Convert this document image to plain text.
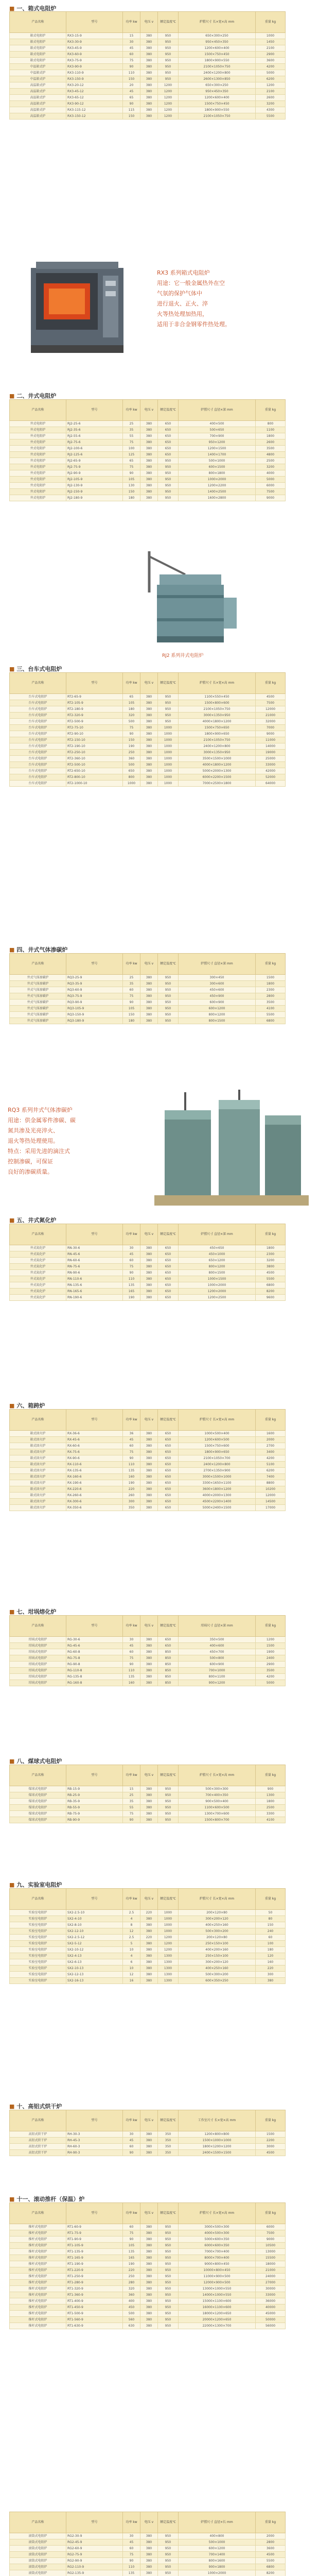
■ 一、箱式电阻炉
产品名称	型号	功率 kw	电压 v	额定温度℃	炉膛尺寸 长×宽×高 mm	重量 kg
箱式电阻炉	RX3-15-9	15	380	950	650×300×250	1000
箱式电阻炉	RX3-30-9	30	380	950	950×450×350	1450
箱式电阻炉	RX3-45-9	45	380	950	1200×600×400	2100
箱式电阻炉	RX3-60-9	60	380	950	1500×750×450	2900
箱式电阻炉	RX3-75-9	75	380	950	1800×900×550	3600
中温箱式炉	RX3-90-9	90	380	950	2100×1050×750	4200
中温箱式炉	RX3-110-9	110	380	950	2400×1200×800	5000
中温箱式炉	RX3-150-9	150	380	950	2600×1300×850	6200
高温箱式炉	RX3-20-12	20	380	1200	650×300×250	1200
高温箱式炉	RX3-45-12	45	380	1200	950×450×350	2100
高温箱式炉	RX3-65-12	65	380	1200	1200×600×400	2600
高温箱式炉	RX3-90-12	90	380	1200	1500×750×450	3200
高温箱式炉	RX3-115-12	115	380	1200	1800×900×550	4300
高温箱式炉	RX3-150-12	150	380	1200	2100×1050×750	5500
RX3 系列箱式电阻炉
用途：它一般金属热外在空
气氛的保护气体中
进行退火、正火、淬
火等热处理加热用，
适用于非合金钢零件热处理。
■ 二、井式电阻炉
产品名称	型号	功率 kw	电压 v	额定温度℃	炉膛尺寸 直径×深 mm	重量 kg
井式电阻炉	RJ2-25-6	25	380	650	400×500	800
井式电阻炉	RJ2-35-6	35	380	650	500×650	1100
井式电阻炉	RJ2-55-6	55	380	650	700×900	1800
井式电阻炉	RJ2-75-6	75	380	650	950×1200	2600
井式电阻炉	RJ2-100-6	100	380	650	1200×1500	3500
井式电阻炉	RJ2-125-6	125	380	650	1400×1700	4800
井式电阻炉	RJ2-65-9	65	380	950	500×1000	2500
井式电阻炉	RJ2-75-9	75	380	950	600×1500	3200
井式电阻炉	RJ2-90-9	90	380	950	800×1800	4000
井式电阻炉	RJ2-105-9	105	380	950	1000×2000	5000
井式电阻炉	RJ2-130-9	130	380	950	1200×2200	6000
井式电阻炉	RJ2-150-9	150	380	950	1400×2500	7500
井式电阻炉	RJ2-180-9	180	380	950	1600×2800	9000
RJ2 系列井式电阻炉
■ 三、台车式电阻炉
产品名称	型号	功率 kw	电压 v	额定温度℃	炉膛尺寸 长×宽×高 mm	重量 kg
台车式电阻炉	RT2-65-9	65	380	950	1100×550×450	4500
台车式电阻炉	RT2-105-9	105	380	950	1500×800×600	7500
台车式电阻炉	RT2-180-9	180	380	950	2100×1050×750	12000
台车式电阻炉	RT2-320-9	320	380	950	3000×1350×950	21000
台车式电阻炉	RT2-500-9	500	380	950	4000×1800×1200	32000
台车式电阻炉	RT2-75-10	75	380	1000	1500×750×650	7000
台车式电阻炉	RT2-90-10	90	380	1000	1800×900×650	9000
台车式电阻炉	RT2-150-10	150	380	1000	2100×1050×750	11000
台车式电阻炉	RT2-190-10	190	380	1000	2400×1200×800	14000
台车式电阻炉	RT2-250-10	250	380	1000	3000×1350×950	19000
台车式电阻炉	RT2-360-10	360	380	1000	3500×1500×1000	25000
台车式电阻炉	RT2-500-10	500	380	1000	4000×1800×1200	33000
台车式电阻炉	RT2-650-10	650	380	1000	5000×2000×1300	42000
台车式电阻炉	RT2-800-10	800	380	1000	6000×2200×1500	52000
台车式电阻炉	RT2-1000-10	1000	380	1000	7000×2500×1800	64000
■ 四、井式气体渗碳炉
产品名称	型号	功率 kw	电压 v	额定温度℃	炉膛尺寸 直径×深 mm	重量 kg
井式气体渗碳炉	RQ3-25-9	25	380	950	300×450	1500
井式气体渗碳炉	RQ3-35-9	35	380	950	300×600	1800
井式气体渗碳炉	RQ3-60-9	60	380	950	450×600	2300
井式气体渗碳炉	RQ3-75-9	75	380	950	450×900	2800
井式气体渗碳炉	RQ3-90-9	90	380	950	600×900	3500
井式气体渗碳炉	RQ3-105-9	105	380	950	600×1200	4100
井式气体渗碳炉	RQ3-150-9	150	380	950	800×1200	5500
井式气体渗碳炉	RQ3-180-9	180	380	950	800×1500	6800
RQ3 系列井式气体渗碳炉
用途：供金属零件渗碳、碳
氮共渗及光亮淬火、
退火等热处理使用。
特点：采用先进的滴注式
控制渗碳，可保证
良好的渗碳质量。
■ 五、井式氮化炉
产品名称	型号	功率 kw	电压 v	额定温度℃	炉膛尺寸 直径×深 mm	重量 kg
井式氮化炉	RN-30-6	30	380	650	450×650	1800
井式氮化炉	RN-45-6	45	380	650	450×1000	2300
井式氮化炉	RN-60-6	60	380	650	650×1200	3200
井式氮化炉	RN-75-6	75	380	650	800×1200	3800
井式氮化炉	RN-90-6	90	380	650	800×1500	4500
井式氮化炉	RN-110-6	110	380	650	1000×1500	5500
井式氮化炉	RN-135-6	135	380	650	1000×2000	6800
井式氮化炉	RN-165-6	165	380	650	1200×2000	8200
井式氮化炉	RN-190-6	190	380	650	1200×2500	9600
■ 六、箱跨炉
产品名称	型号	功率 kw	电压 v	额定温度℃	炉膛尺寸 长×宽×高 mm	重量 kg
箱式回火炉	RX-36-6	36	380	650	1000×500×400	1600
箱式回火炉	RX-45-6	45	380	650	1200×600×500	2000
箱式回火炉	RX-60-6	60	380	650	1500×750×600	2700
箱式回火炉	RX-75-6	75	380	650	1800×900×650	3400
箱式回火炉	RX-90-6	90	380	650	2100×1050×700	4200
箱式回火炉	RX-110-6	110	380	650	2400×1200×800	5100
箱式回火炉	RX-135-6	135	380	650	2700×1350×900	6200
箱式回火炉	RX-160-6	160	380	650	3000×1500×1000	7400
箱式回火炉	RX-190-6	190	380	650	3300×1650×1100	8800
箱式回火炉	RX-220-6	220	380	650	3600×1800×1200	10200
箱式回火炉	RX-260-6	260	380	650	4000×2000×1300	12000
箱式回火炉	RX-300-6	300	380	650	4500×2200×1400	14500
箱式回火炉	RX-350-6	350	380	650	5000×2400×1500	17000
■ 七、坩埚熔化炉
产品名称	型号	功率 kw	电压 v	额定温度℃	坩埚尺寸 直径×深 mm	重量 kg
坩埚式电阻炉	RG-30-6	30	380	650	350×500	1200
坩埚式电阻炉	RG-45-6	45	380	650	400×600	1500
坩埚式电阻炉	RG-60-8	60	380	850	450×700	1900
坩埚式电阻炉	RG-75-8	75	380	850	500×800	2400
坩埚式电阻炉	RG-90-8	90	380	850	600×900	2900
坩埚式电阻炉	RG-110-8	110	380	850	700×1000	3500
坩埚式电阻炉	RG-135-8	135	380	850	800×1100	4200
坩埚式电阻炉	RG-160-8	160	380	850	900×1200	5000
■ 八、煤球式电阻炉
产品名称	型号	功率 kw	电压 v	额定温度℃	炉膛尺寸 长×宽×高 mm	重量 kg
煤球式电阻炉	RB-15-9	15	380	950	500×300×300	900
煤球式电阻炉	RB-25-9	25	380	950	700×400×350	1300
煤球式电阻炉	RB-35-9	35	380	950	900×500×400	1800
煤球式电阻炉	RB-55-9	55	380	950	1100×600×500	2500
煤球式电阻炉	RB-75-9	75	380	950	1300×700×600	3300
煤球式电阻炉	RB-90-9	90	380	950	1500×800×700	4100
■ 九、实验室电阻炉
产品名称	型号	功率 kw	电压 v	额定温度℃	炉膛尺寸 长×宽×高 mm	重量 kg
实验室电阻炉	SX2-2.5-10	2.5	220	1000	200×120×80	50
实验室电阻炉	SX2-4-10	4	380	1000	300×200×120	80
实验室电阻炉	SX2-8-10	8	380	1000	400×250×160	150
实验室电阻炉	SX2-12-10	12	380	1000	500×300×200	240
实验室电阻炉	SX2-2.5-12	2.5	220	1200	200×120×80	60
实验室电阻炉	SX2-5-12	5	380	1200	250×150×100	100
实验室电阻炉	SX2-10-12	10	380	1200	400×200×160	180
实验室电阻炉	SX2-4-13	4	380	1300	250×150×100	120
实验室电阻炉	SX2-6-13	6	380	1300	300×200×120	160
实验室电阻炉	SX2-10-13	10	380	1300	400×250×160	220
实验室电阻炉	SX2-12-13	12	380	1300	500×300×200	300
实验室电阻炉	SX2-16-13	16	380	1300	600×350×250	380
■ 十、高铝式烘干炉
产品名称	型号	功率 kw	电压 v	额定温度℃	工作室尺寸 长×宽×高 mm	重量 kg
高铝式烘干炉	RH-30-3	30	380	350	1200×800×800	1500
高铝式烘干炉	RH-45-3	45	380	350	1500×1000×1000	2200
高铝式烘干炉	RH-60-3	60	380	350	1800×1200×1200	3000
高铝式烘干炉	RH-90-3	90	380	350	2400×1500×1500	4500
■ 十一、滚动推杆（保温）炉
产品名称	型号	功率 kw	电压 v	额定温度℃	炉膛尺寸 长×宽×高 mm	重量 kg
推杆式电阻炉	RT1-60-9	60	380	950	3000×500×300	6000
推杆式电阻炉	RT1-75-9	75	380	950	4000×500×300	7500
推杆式电阻炉	RT1-90-9	90	380	950	5000×600×350	9000
推杆式电阻炉	RT1-105-9	105	380	950	6000×600×350	10500
推杆式电阻炉	RT1-135-9	135	380	950	7000×700×400	13000
推杆式电阻炉	RT1-165-9	165	380	950	8000×700×400	15500
推杆式电阻炉	RT1-190-9	190	380	950	9000×800×450	18000
推杆式电阻炉	RT1-220-9	220	380	950	10000×800×450	21000
推杆式电阻炉	RT1-250-9	250	380	950	11000×900×500	24000
推杆式电阻炉	RT1-280-9	280	380	950	12000×900×500	27000
推杆式电阻炉	RT1-320-9	320	380	950	13000×1000×550	30000
推杆式电阻炉	RT1-360-9	360	380	950	14000×1000×550	33000
推杆式电阻炉	RT1-400-9	400	380	950	15000×1100×600	36000
推杆式电阻炉	RT1-450-9	450	380	950	16000×1100×600	40000
推杆式电阻炉	RT1-500-9	500	380	950	18000×1200×650	45000
推杆式电阻炉	RT1-560-9	560	380	950	20000×1200×650	50000
推杆式电阻炉	RT1-630-9	630	380	950	22000×1300×700	56000
产品名称	型号	功率 kw	电压 v	额定温度℃	炉膛尺寸 直径×长 mm	重量 kg
滚筒式电阻炉	RG2-30-9	30	380	950	400×800	2000
滚筒式电阻炉	RG2-45-9	45	380	950	500×1000	2800
滚筒式电阻炉	RG2-60-9	60	380	950	600×1200	3600
滚筒式电阻炉	RG2-75-9	75	380	950	700×1400	4500
滚筒式电阻炉	RG2-90-9	90	380	950	800×1600	5500
滚筒式电阻炉	RG2-110-9	110	380	950	900×1800	6800
滚筒式电阻炉	RG2-135-9	135	380	950	1000×2000	8200
